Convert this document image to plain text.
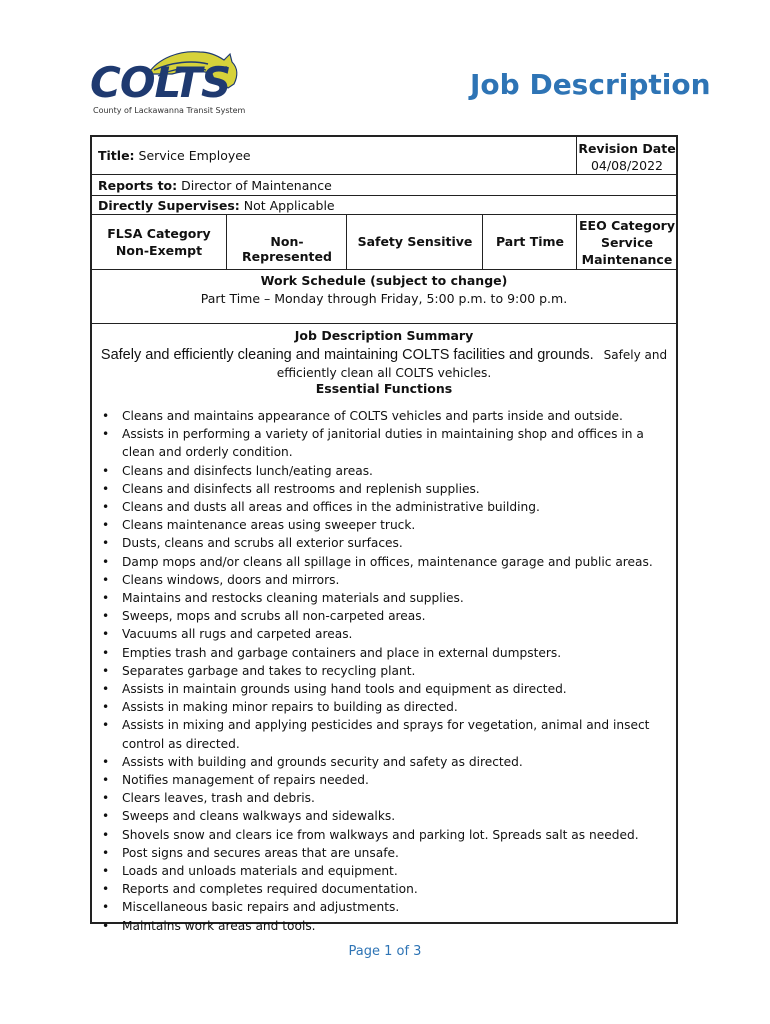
COLTS
County of Lackawanna Transit System
Job Description
Title: Service Employee	Revision Date
04/08/2022
Reports to: Director of Maintenance
Directly Supervises: Not Applicable
FLSA Category
Non-Exempt
Non-Represented
Safety Sensitive	Part Time
EEO Category
Service
Maintenance
Work Schedule (subject to change)
Part Time – Monday through Friday, 5:00 p.m. to 9:00 p.m.
Job Description Summary
Safely and efficiently cleaning and maintaining COLTS facilities and grounds. Safely and
efficiently clean all COLTS vehicles.
Essential Functions
• Cleans and maintains appearance of COLTS vehicles and parts inside and outside.
• Assists in performing a variety of janitorial duties in maintaining shop and offices in a clean and orderly condition.
• Cleans and disinfects lunch/eating areas.
• Cleans and disinfects all restrooms and replenish supplies.
• Cleans and dusts all areas and offices in the administrative building.
• Cleans maintenance areas using sweeper truck.
• Dusts, cleans and scrubs all exterior surfaces.
• Damp mops and/or cleans all spillage in offices, maintenance garage and public areas.
• Cleans windows, doors and mirrors.
• Maintains and restocks cleaning materials and supplies.
• Sweeps, mops and scrubs all non-carpeted areas.
• Vacuums all rugs and carpeted areas.
• Empties trash and garbage containers and place in external dumpsters.
• Separates garbage and takes to recycling plant.
• Assists in maintain grounds using hand tools and equipment as directed.
• Assists in making minor repairs to building as directed.
• Assists in mixing and applying pesticides and sprays for vegetation, animal and insect control as directed.
• Assists with building and grounds security and safety as directed.
• Notifies management of repairs needed.
• Clears leaves, trash and debris.
• Sweeps and cleans walkways and sidewalks.
• Shovels snow and clears ice from walkways and parking lot. Spreads salt as needed.
• Post signs and secures areas that are unsafe.
• Loads and unloads materials and equipment.
• Reports and completes required documentation.
• Miscellaneous basic repairs and adjustments.
• Maintains work areas and tools.
Page 1 of 3
